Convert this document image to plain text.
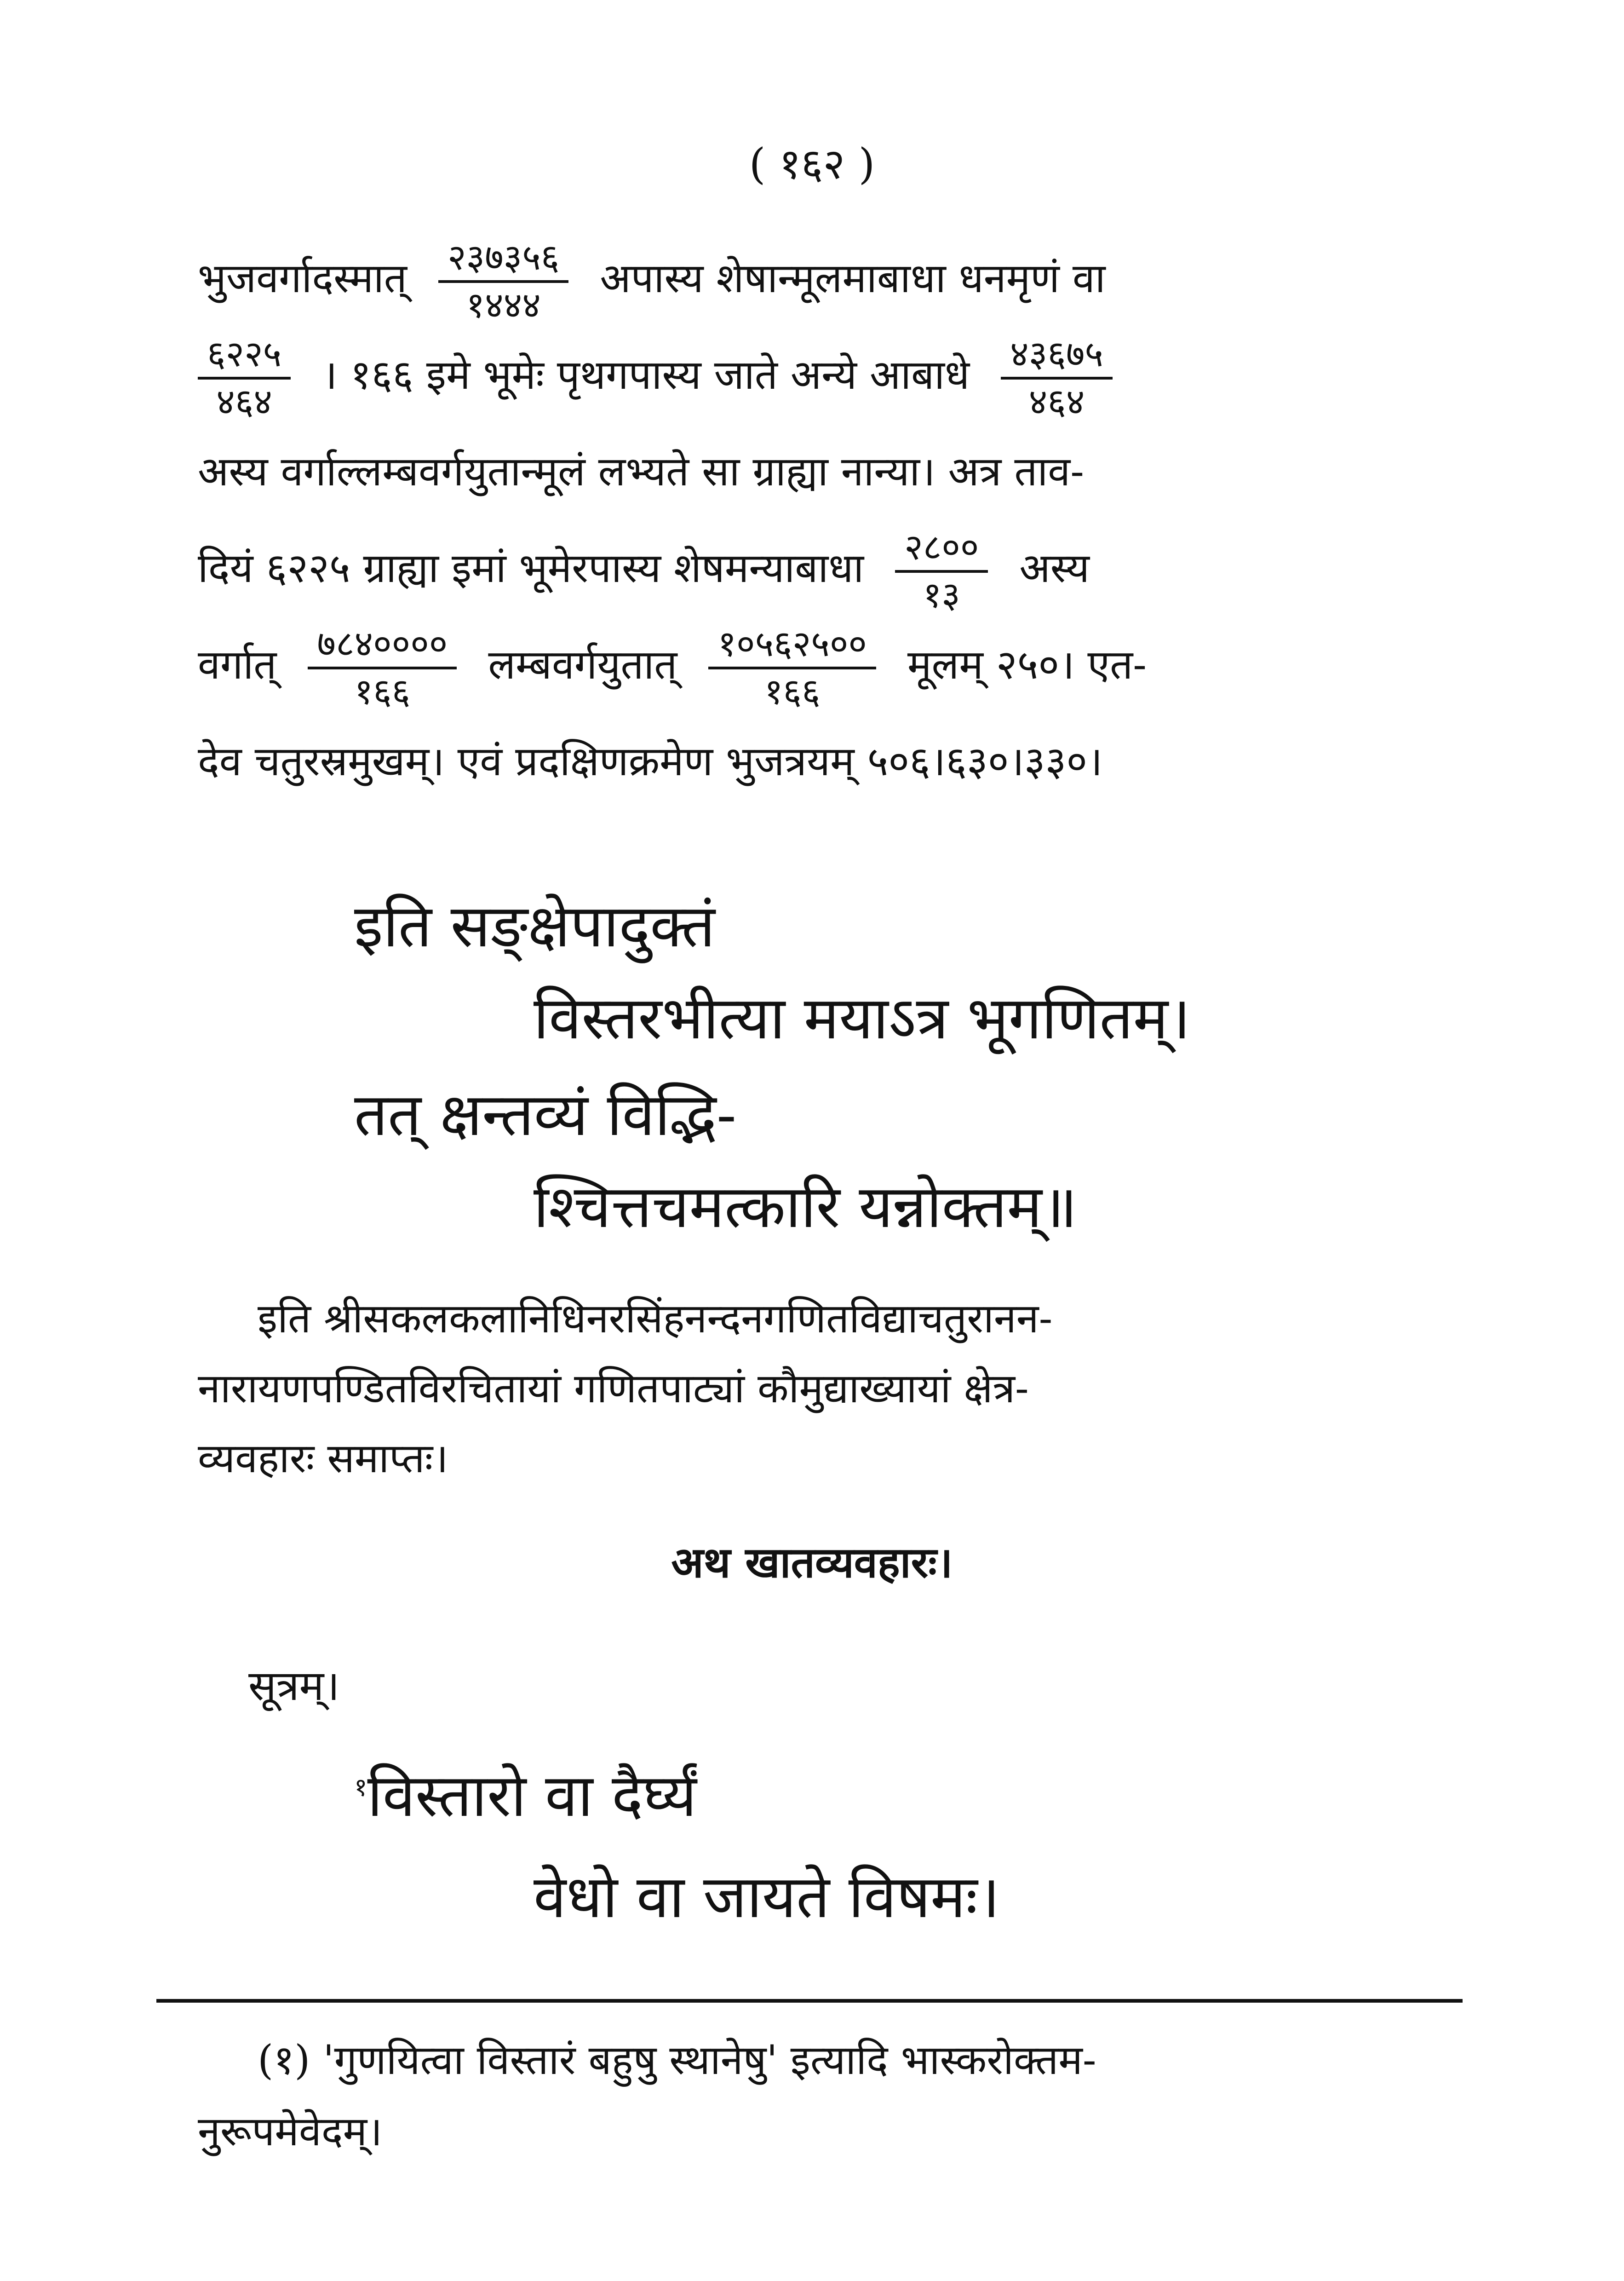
( १६२ )
भुजवर्गादस्मात् $\frac{२३७३५६}{१४४४}$ अपास्य शेषान्मूलमाबाधा धनमृणं वा
$\frac{६२२५}{४६४}$ । १६६ इमे भूमेः पृथगपास्य जाते अन्ये आबाधे $\frac{४३६७५}{४६४}$
अस्य वर्गाल्लम्बवर्गयुतान्मूलं लभ्यते सा ग्राह्या नान्या। अत्र ताव-
दियं ६२२५ ग्राह्या इमां भूमेरपास्य शेषमन्याबाधा $\frac{२८००}{१३}$ अस्य
वर्गात् $\frac{७८४००००}{१६६}$ लम्बवर्गयुतात् $\frac{१०५६२५००}{१६६}$ मूलम् २५०। एत-
देव चतुरस्रमुखम्। एवं प्रदक्षिणक्रमेण भुजत्रयम् ५०६।६३०।३३०।
इति सङ्क्षेपादुक्तं
विस्तरभीत्या मयाऽत्र भूगणितम्।
तत् क्षन्तव्यं विद्भि-
श्चित्तचमत्कारि यन्नोक्तम्॥
इति श्रीसकलकलानिधिनरसिंहनन्दनगणितविद्याचतुरानन-
नारायणपण्डितविरचितायां गणितपाट्यां कौमुद्याख्यायां क्षेत्र-
व्यवहारः समाप्तः।
अथ खातव्यवहारः।
सूत्रम्।
$^१$विस्तारो वा दैर्घ्यं
वेधो वा जायते विषमः।
(१) 'गुणयित्वा विस्तारं बहुषु स्थानेषु' इत्यादि भास्करोक्तम-
नुरूपमेवेदम्।
